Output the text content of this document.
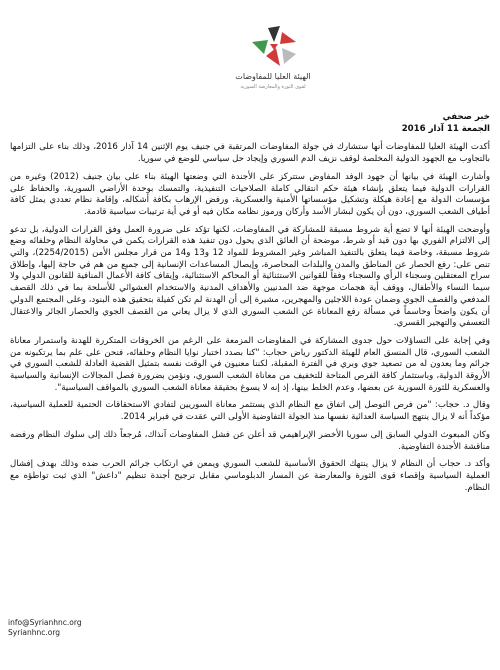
الهيئة العليا للمفاوضات
لقوى الثورة والمعارضة السورية

خبر صحفي

الجمعة 11 آذار 2016

أكدت الهيئة العليا للمفاوضات أنها ستشارك في جولة المفاوضات المرتقبة في جنيف يوم الإثنين 14 آذار 2016، وذلك بناء على التزامها بالتجاوب مع الجهود الدولية المخلصة لوقف نزيف الدم السوري وإيجاد حل سياسي للوضع في سوريا.

وأشارت الهيئة في بيانها أن جهود الوفد المفاوض ستتركز على الأجندة التي وضعتها الهيئة بناء على بيان جنيف (2012) وغيره من القرارات الدولية فيما يتعلق بإنشاء هيئة حكم انتقالي كاملة الصلاحيات التنفيذية، والتمسك بوحدة الأراضي السورية، والحفاظ على مؤسسات الدولة مع إعادة هيكلة وتشكيل مؤسساتها الأمنية والعسكرية، ورفض الإرهاب بكافة أشكاله، وإقامة نظام تعددي يمثل كافة أطياف الشعب السوري، دون أن يكون لبشار الأسد وأركان ورموز نظامه مكان فيه أو في أية ترتيبات سياسية قادمة.

وأوضحت الهيئة أنها لا تضع أية شروط مسبقة للمشاركة في المفاوضات، لكنها تؤكد على ضرورة العمل وفق القرارات الدولية، بل تدعو إلى الالتزام الفوري بها دون قيد أو شرط، موضحة أن العائق الذي يحول دون تنفيذ هذه القرارات يكمن في محاولة النظام وحلفائه وضع شروط مسبقة، وخاصة فيما يتعلق بالتنفيذ المباشر وغير المشروط للمواد 12 و13 و14 من قرار مجلس الأمن (2254/2015)، والتي تنص على: رفع الحصار عن المناطق والمدن والبلدات المحاصرة، وإيصال المساعدات الإنسانية إلى جميع من هم في حاجة إليها، وإطلاق سراح المعتقلين وسجناء الرأي والسجناء وفقاً للقوانين الاستثنائية أو المحاكم الاستثنائية، وإيقاف كافة الأعمال المنافية للقانون الدولي ولا سيما النساء والأطفال، ووقف أية هجمات موجهة ضد المدنيين والأهداف المدنية والاستخدام العشوائي للأسلحة بما في ذلك القصف المدفعي والقصف الجوي وضمان عودة اللاجئين والمهجرين، مشيرة إلى أن الهدنة لم تكن كفيلة بتحقيق هذه البنود، وعلى المجتمع الدولي أن يكون واضحاً وحاسماً في مسألة رفع المعاناة عن الشعب السوري الذي لا يزال يعاني من القصف الجوي والحصار الجائر والاعتقال التعسفي والتهجير القسري.

وفي إجابة على التساؤلات حول جدوى المشاركة في المفاوضات المزمعة على الرغم من الخروقات المتكررة للهدنة واستمرار معاناة الشعب السوري، قال المنسق العام للهيئة الدكتور رياض حجاب: "كنا بصدد اختبار نوايا النظام وحلفائه، فنحن على علم بما يرتكبونه من جرائم وما يعدون له من تصعيد جوي وبري في الفترة المقبلة، لكننا معنيون في الوقت نفسه بتمثيل القضية العادلة للشعب السوري في الأروقة الدولية، وباستثمار كافة الفرص المتاحة للتخفيف من معاناة الشعب السوري، ونؤمن بضرورة فصل المجالات الإنسانية والسياسية والعسكرية للثورة السورية عن بعضها، وعدم الخلط بينها، إذ إنه لا يسوغ بحقيقة معاناة الشعب السوري بالمواقف السياسية".

وقال د. حجاب: "من فرص التوصل إلى اتفاق مع النظام الذي يستثمر معاناة السوريين لتفادي الاستحقاقات الحتمية للعملية السياسية، مؤكداً أنه لا يزال ينتهج السياسة العدائية نفسها منذ الجولة التفاوضية الأولى التي عقدت في فبراير 2014.

وكان المبعوث الدولي السابق إلى سوريا الأخضر الإبراهيمي قد أعلن عن فشل المفاوضات آنذاك، مُرجعاً ذلك إلى سلوك النظام ورفضه مناقشة الأجندة التفاوضية.

وأكد د. حجاب أن النظام لا يزال ينتهك الحقوق الأساسية للشعب السوري ويمعن في ارتكاب جرائم الحرب ضده وذلك بهدف إفشال العملية السياسية وإقصاء قوى الثورة والمعارضة عن المسار الدبلوماسي مقابل ترجيح أجندة تنظيم "داعش" الذي ثبت تواطؤه مع النظام.

info@Syrianhnc.org
Syrianhnc.org
